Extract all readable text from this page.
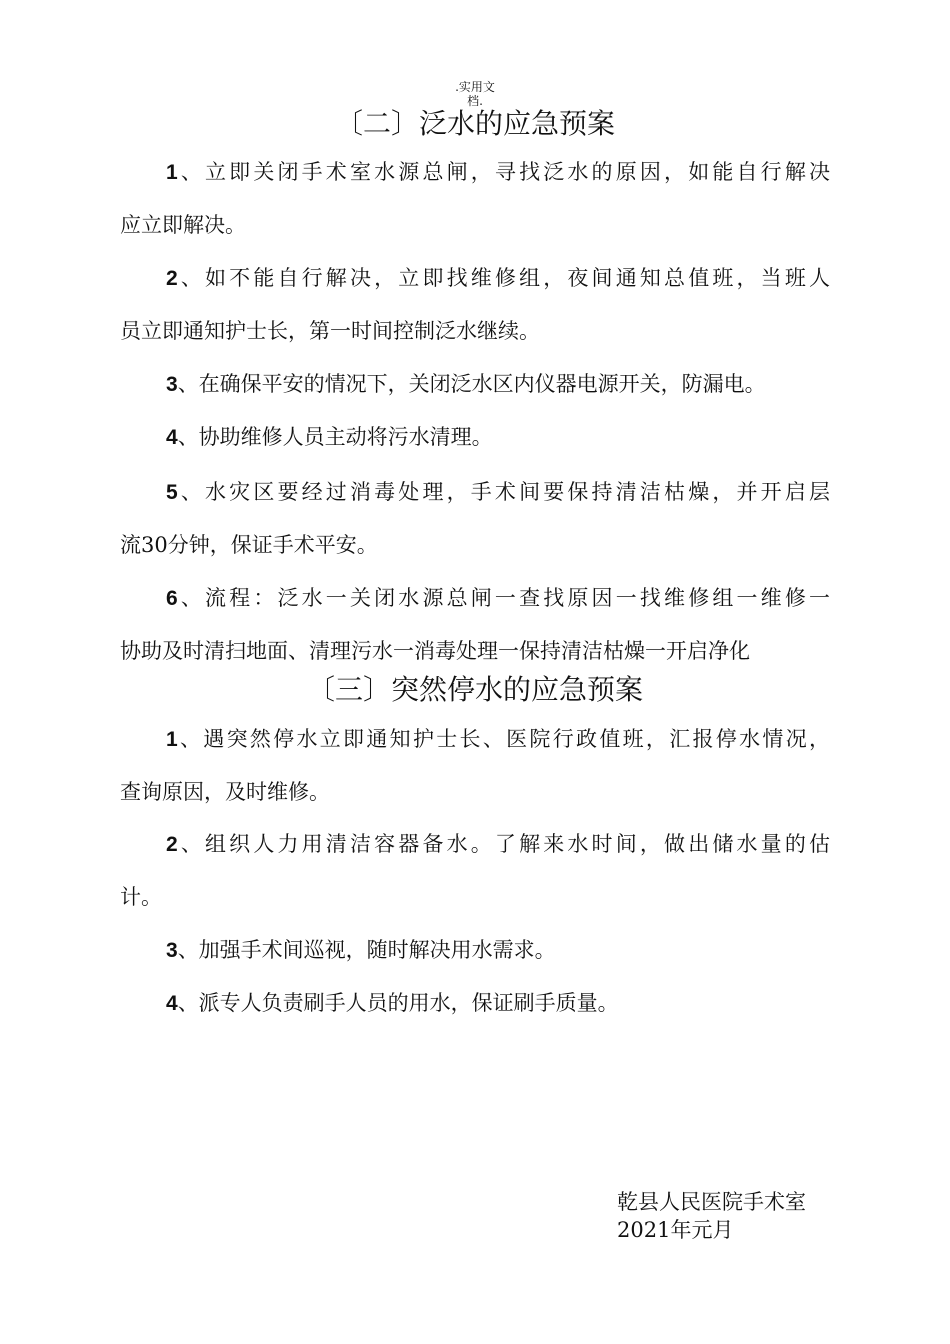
.实用文
档.
〔二〕泛水的应急预案

1、立即关闭手术室水源总闸，寻找泛水的原因，如能自行解决
应立即解决。

2、如不能自行解决，立即找维修组，夜间通知总值班，当班人
员立即通知护士长，第一时间控制泛水继续。

3、在确保平安的情况下，关闭泛水区内仪器电源开关，防漏电。

4、协助维修人员主动将污水清理。

5、水灾区要经过消毒处理，手术间要保持清洁枯燥，并开启层
流30分钟，保证手术平安。

6、流程：泛水一关闭水源总闸一查找原因一找维修组一维修一
协助及时清扫地面、清理污水一消毒处理一保持清洁枯燥一开启净化

〔三〕突然停水的应急预案

1、遇突然停水立即通知护士长、医院行政值班，汇报停水情况，
查询原因，及时维修。

2、组织人力用清洁容器备水。了解来水时间，做出储水量的估
计。

3、加强手术间巡视，随时解决用水需求。

4、派专人负责刷手人员的用水，保证刷手质量。

乾县人民医院手术室
2021年元月
